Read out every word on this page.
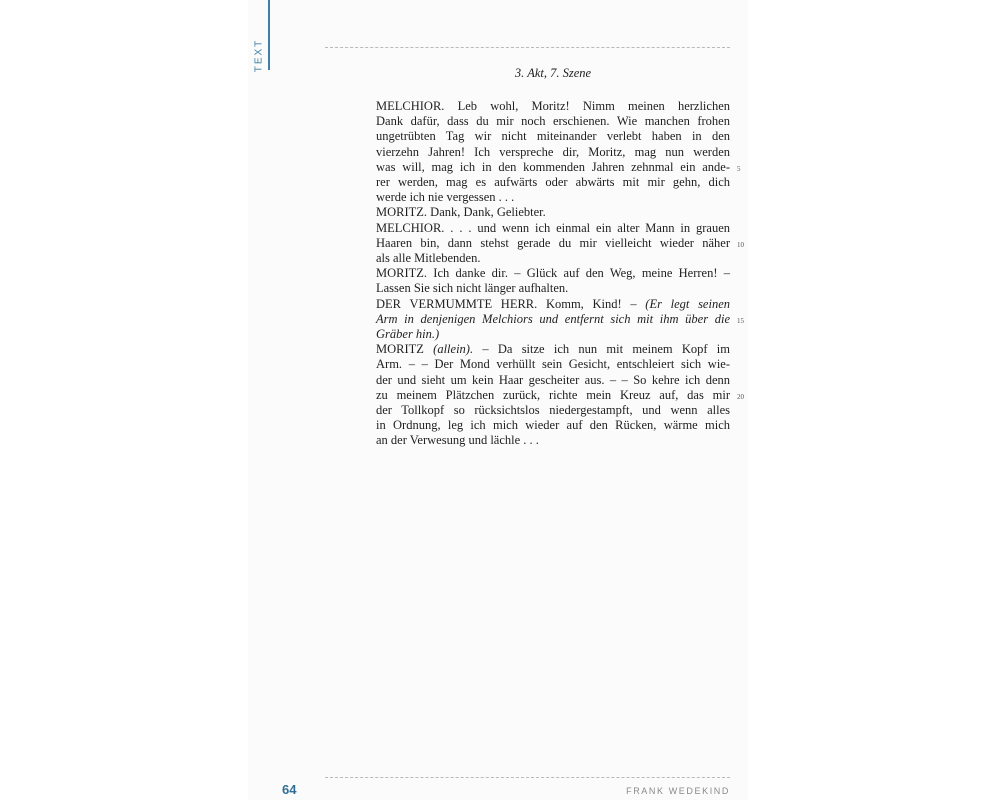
TEXT
3. Akt, 7. Szene

MELCHIOR. Leb wohl, Moritz! Nimm meinen herzlichen
Dank dafür, dass du mir noch erschienen. Wie manchen frohen
ungetrübten Tag wir nicht miteinander verlebt haben in den
vierzehn Jahren! Ich verspreche dir, Moritz, mag nun werden
was will, mag ich in den kommenden Jahren zehnmal ein ande-
rer werden, mag es aufwärts oder abwärts mit mir gehn, dich
werde ich nie vergessen . . .

MORITZ. Dank, Dank, Geliebter.

MELCHIOR. . . . und wenn ich einmal ein alter Mann in grauen
Haaren bin, dann stehst gerade du mir vielleicht wieder näher
als alle Mitlebenden.

MORITZ. Ich danke dir. – Glück auf den Weg, meine Herren! –
Lassen Sie sich nicht länger aufhalten.

DER VERMUMMTE HERR. Komm, Kind! – (Er legt seinen
Arm in denjenigen Melchiors und entfernt sich mit ihm über die
Gräber hin.)

MORITZ (allein). – Da sitze ich nun mit meinem Kopf im
Arm. – – Der Mond verhüllt sein Gesicht, entschleiert sich wie-
der und sieht um kein Haar gescheiter aus. – – So kehre ich denn
zu meinem Plätzchen zurück, richte mein Kreuz auf, das mir
der Tollkopf so rücksichtslos niedergestampft, und wenn alles
in Ordnung, leg ich mich wieder auf den Rücken, wärme mich
an der Verwesung und lächle . . .

5
10
15
20
64	FRANK WEDEKIND
